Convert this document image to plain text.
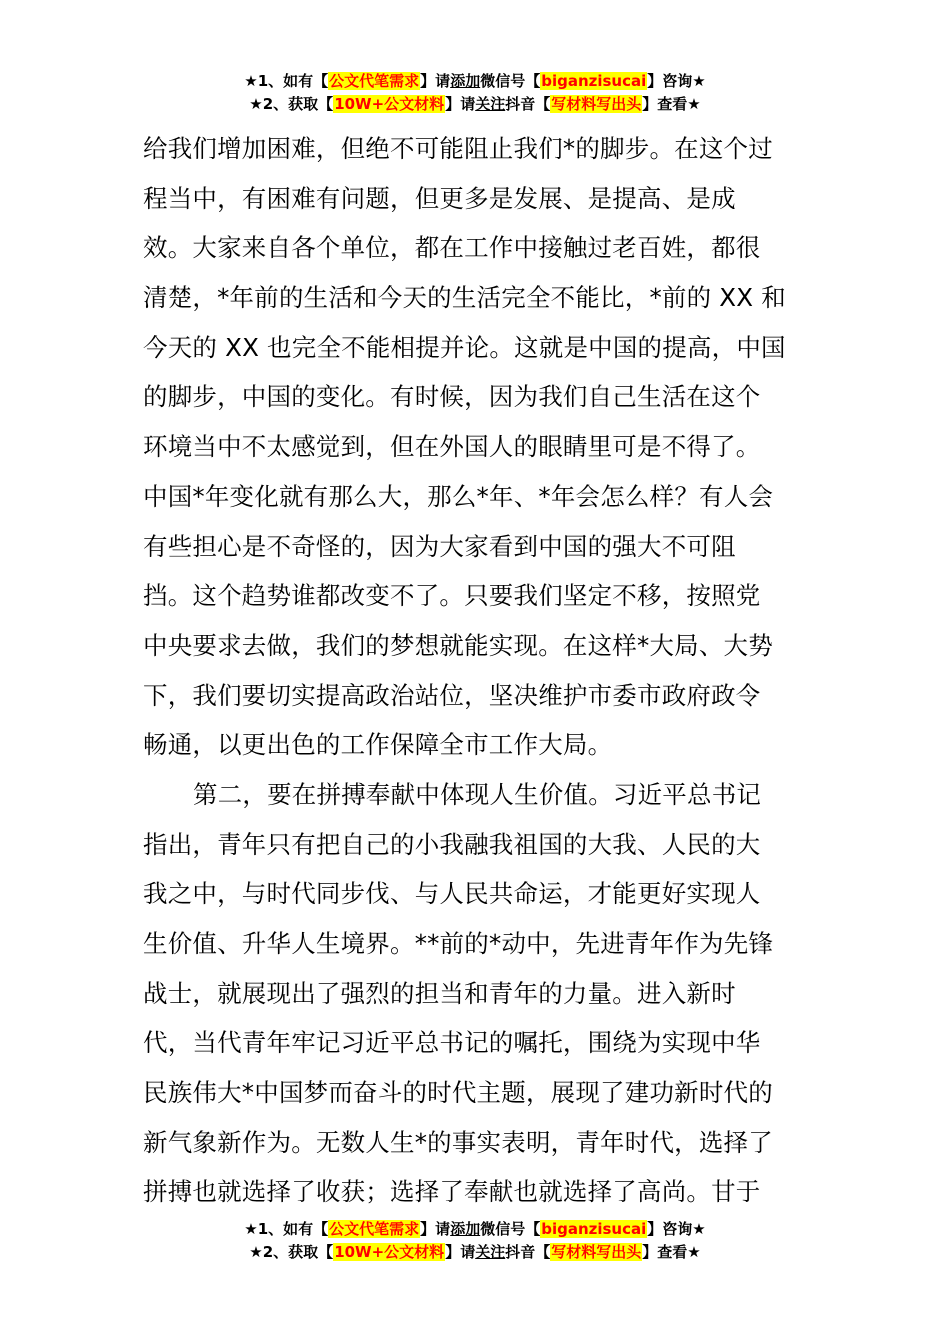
★1、如有【公文代笔需求】请添加微信号【biganzisucai】咨询★
★2、获取【10W+公文材料】请关注抖音【写材料写出头】查看★
给我们增加困难，但绝不可能阻止我们*的脚步。在这个过
程当中，有困难有问题，但更多是发展、是提高、是成
效。大家来自各个单位，都在工作中接触过老百姓，都很
清楚，*年前的生活和今天的生活完全不能比，*前的 XX 和
今天的 XX 也完全不能相提并论。这就是中国的提高，中国
的脚步，中国的变化。有时候，因为我们自己生活在这个
环境当中不太感觉到，但在外国人的眼睛里可是不得了。
中国*年变化就有那么大，那么*年、*年会怎么样？有人会
有些担心是不奇怪的，因为大家看到中国的强大不可阻
挡。这个趋势谁都改变不了。只要我们坚定不移，按照党
中央要求去做，我们的梦想就能实现。在这样*大局、大势
下，我们要切实提高政治站位，坚决维护市委市政府政令
畅通，以更出色的工作保障全市工作大局。
第二，要在拼搏奉献中体现人生价值。习近平总书记
指出，青年只有把自己的小我融我祖国的大我、人民的大
我之中，与时代同步伐、与人民共命运，才能更好实现人
生价值、升华人生境界。**前的*动中，先进青年作为先锋
战士，就展现出了强烈的担当和青年的力量。进入新时
代，当代青年牢记习近平总书记的嘱托，围绕为实现中华
民族伟大*中国梦而奋斗的时代主题，展现了建功新时代的
新气象新作为。无数人生*的事实表明，青年时代，选择了
拼搏也就选择了收获；选择了奉献也就选择了高尚。甘于
★1、如有【公文代笔需求】请添加微信号【biganzisucai】咨询★
★2、获取【10W+公文材料】请关注抖音【写材料写出头】查看★
